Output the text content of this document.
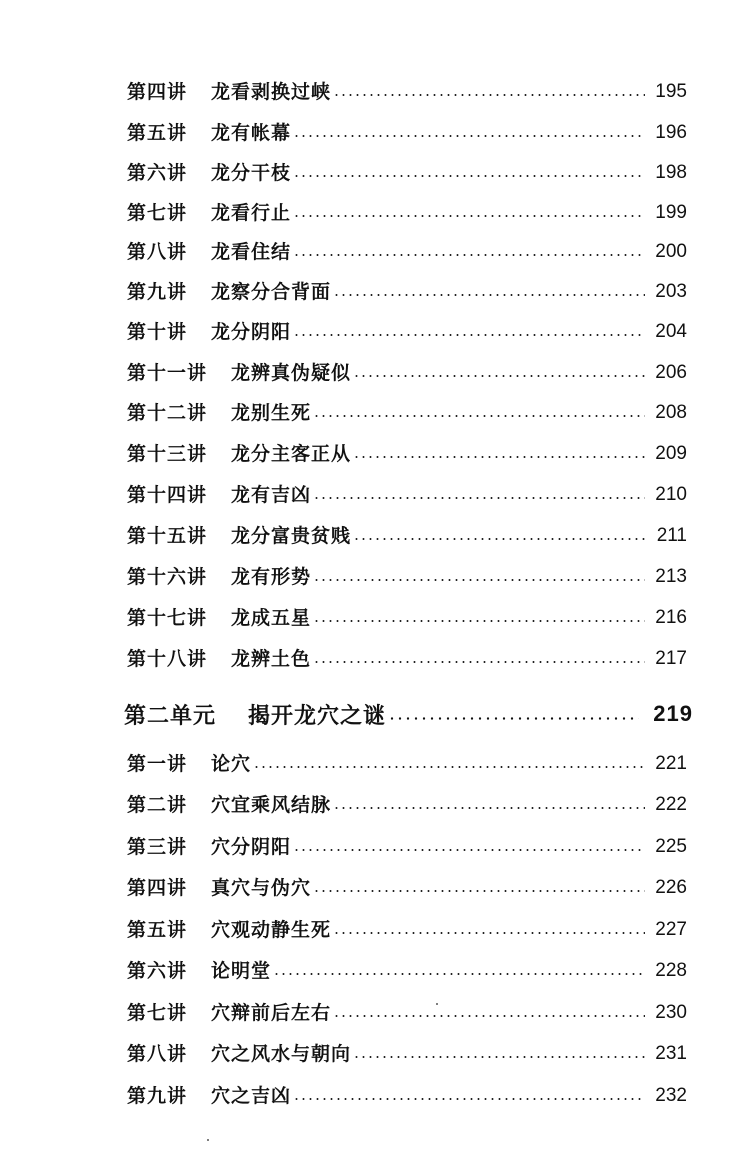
第四讲	龙看剥换过峡	195
第五讲	龙有帐幕	196
第六讲	龙分干枝	198
第七讲	龙看行止	199
第八讲	龙看住结	200
第九讲	龙察分合背面	203
第十讲	龙分阴阳	204
第十一讲	龙辨真伪疑似	206
第十二讲	龙别生死	208
第十三讲	龙分主客正从	209
第十四讲	龙有吉凶	210
第十五讲	龙分富贵贫贱	211
第十六讲	龙有形势	213
第十七讲	龙成五星	216
第十八讲	龙辨土色	217
第二单元	揭开龙穴之谜	219
第一讲	论穴	221
第二讲	穴宜乘风结脉	222
第三讲	穴分阴阳	225
第四讲	真穴与伪穴	226
第五讲	穴观动静生死	227
第六讲	论明堂	228
第七讲	穴辩前后左右	230
第八讲	穴之风水与朝向	231
第九讲	穴之吉凶	232
